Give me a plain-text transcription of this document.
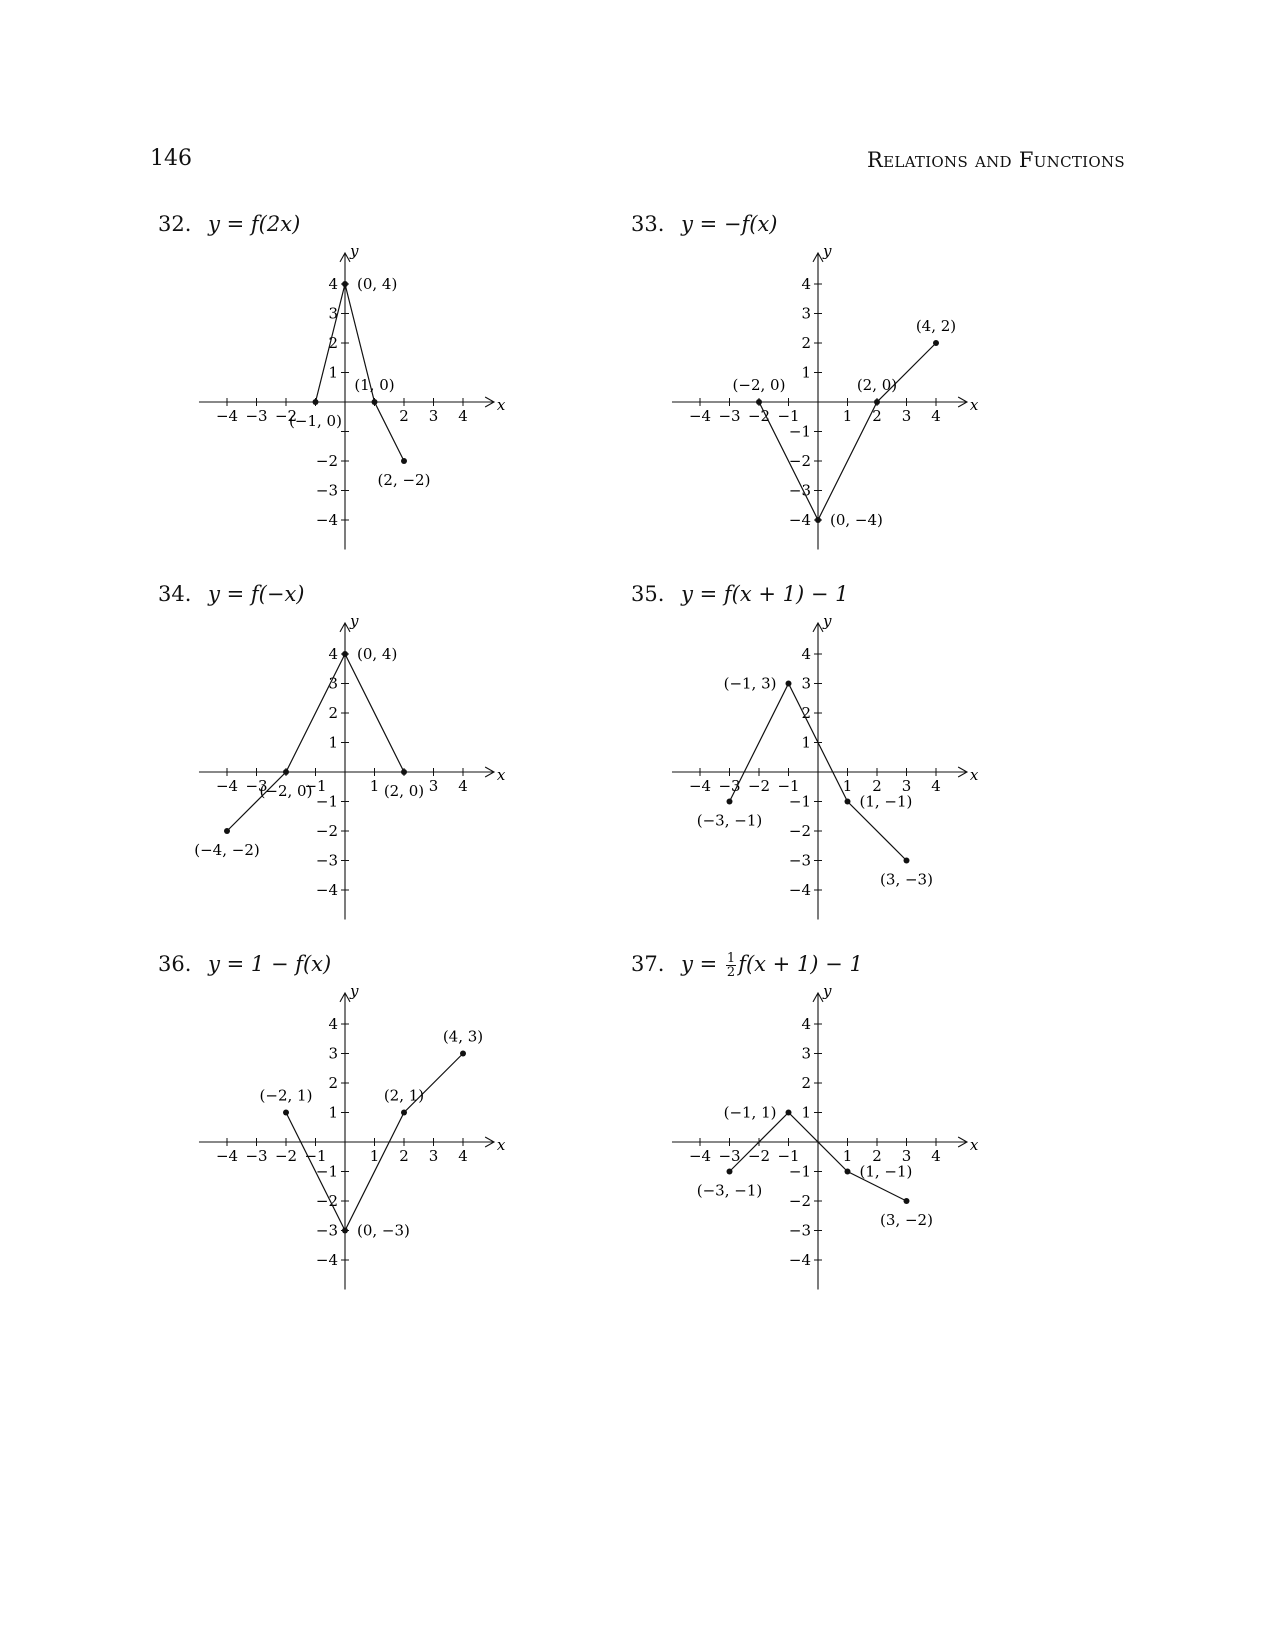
146	Relations and Functions
32. y = f(2x)
x
y
−4 −3 −2	2 3 4
4
3
2
1
−2
−3
−4
(−1, 0)
(0, 4)
(1, 0)
(2, −2)
33. y = −f(x)
x
y
−4 −3 −2 −1	1 2 3 4
4
3
2
1
−1
−2
−3
−4
(−2, 0)
(0, −4)
(2, 0)
(4, 2)
34. y = f(−x)
x
y
−4 −3 −1	1	3 4
4
3
2
1
−1
−2
−3
−4
(−4, −2)
(−2, 0)
(0, 4)
(2, 0)
35. y = f(x + 1) − 1
x
y
−4 −3 −2 −1	1 2 3 4
4
3
2
1
−1
−2
−3
−4
(−3, −1)
(−1, 3)
(1, −1)
(3, −3)
36. y = 1 − f(x)
x
y
−4 −3 −2 −1	1 2 3 4
4
3
2
1
−1
−2
−3
−4
(−2, 1)
(0, −3)
(2, 1)
(4, 3)
37. $y = \frac{1}{2} f(x + 1) - 1$
x
y
−4 −3 −2 −1	1 2 3 4
4
3
2
1
−1
−2
−3
−4
(−3, −1)
(−1, 1)
(1, −1)
(3, −2)
